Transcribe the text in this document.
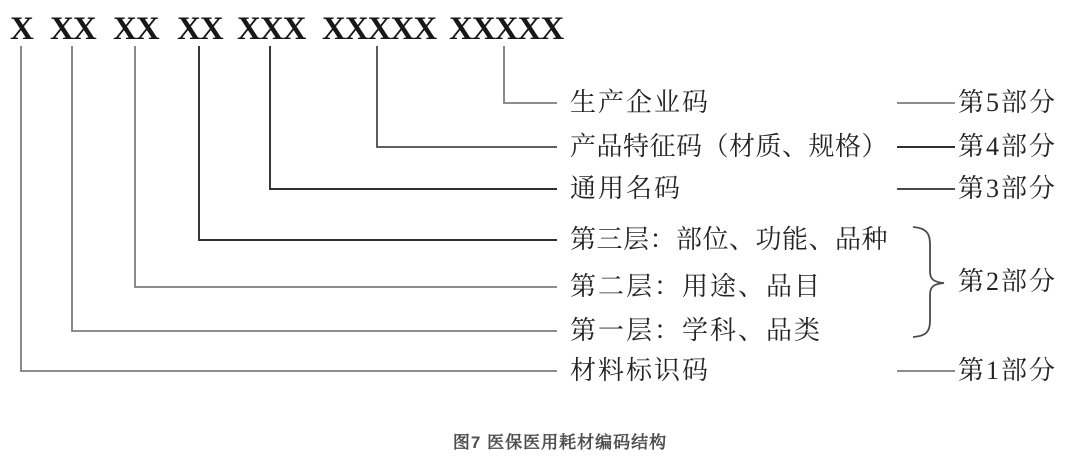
X XX XX XX XXX XXXXX XXXXX
生产企业码
产品特征码（材质、规格）
通用名码
第三层：部位、功能、品种
第二层：用途、品目
第一层：学科、品类
材料标识码
第5部分
第4部分
第3部分
第2部分
第1部分
图7 医保医用耗材编码结构
